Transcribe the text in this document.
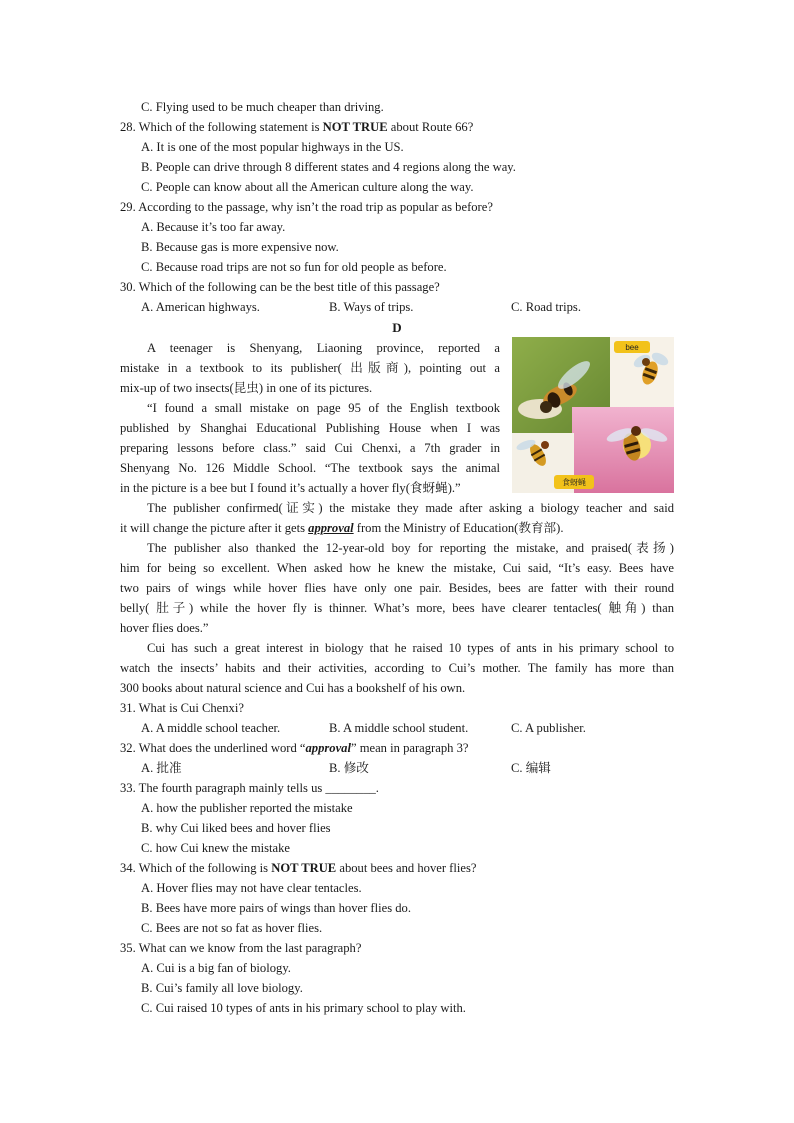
C. Flying used to be much cheaper than driving.
28. Which of the following statement is NOT TRUE about Route 66?
A. It is one of the most popular highways in the US.
B. People can drive through 8 different states and 4 regions along the way.
C. People can know about all the American culture along the way.
29. According to the passage, why isn’t the road trip as popular as before?
A. Because it’s too far away.
B. Because gas is more expensive now.
C. Because road trips are not so fun for old people as before.
30. Which of the following can be the best title of this passage?
A. American highways.	B. Ways of trips.	C. Road trips.
D
A teenager is Shenyang, Liaoning province, reported a
mistake in a textbook to its publisher( 出版商), pointing out a
mix-up of two insects(昆虫) in one of its pictures.
“I found a small mistake on page 95 of the English textbook
published by Shanghai Educational Publishing House when I was
preparing lessons before class.” said Cui Chenxi, a 7th grader in
Shenyang No. 126 Middle School. “The textbook says the animal
in the picture is a bee but I found it’s actually a hover fly(食蚜蝇).”
bee
食蚜蝇
The publisher confirmed(证实) the mistake they made after asking a biology teacher and said
it will change the picture after it gets approval from the Ministry of Education(教育部).
The publisher also thanked the 12-year-old boy for reporting the mistake, and praised(表扬)
him for being so excellent. When asked how he knew the mistake, Cui said, “It’s easy. Bees have
two pairs of wings while hover flies have only one pair. Besides, bees are fatter with their round
belly( 肚子) while the hover fly is thinner. What’s more, bees have clearer tentacles( 触角) than
hover flies does.”
Cui has such a great interest in biology that he raised 10 types of ants in his primary school to
watch the insects’ habits and their activities, according to Cui’s mother. The family has more than
300 books about natural science and Cui has a bookshelf of his own.
31. What is Cui Chenxi?
A. A middle school teacher.	B. A middle school student.	C. A publisher.
32. What does the underlined word “approval” mean in paragraph 3?
A. 批准	B. 修改	C. 编辑
33. The fourth paragraph mainly tells us ________.
A. how the publisher reported the mistake
B. why Cui liked bees and hover flies
C. how Cui knew the mistake
34. Which of the following is NOT TRUE about bees and hover flies?
A. Hover flies may not have clear tentacles.
B. Bees have more pairs of wings than hover flies do.
C. Bees are not so fat as hover flies.
35. What can we know from the last paragraph?
A. Cui is a big fan of biology.
B. Cui’s family all love biology.
C. Cui raised 10 types of ants in his primary school to play with.
